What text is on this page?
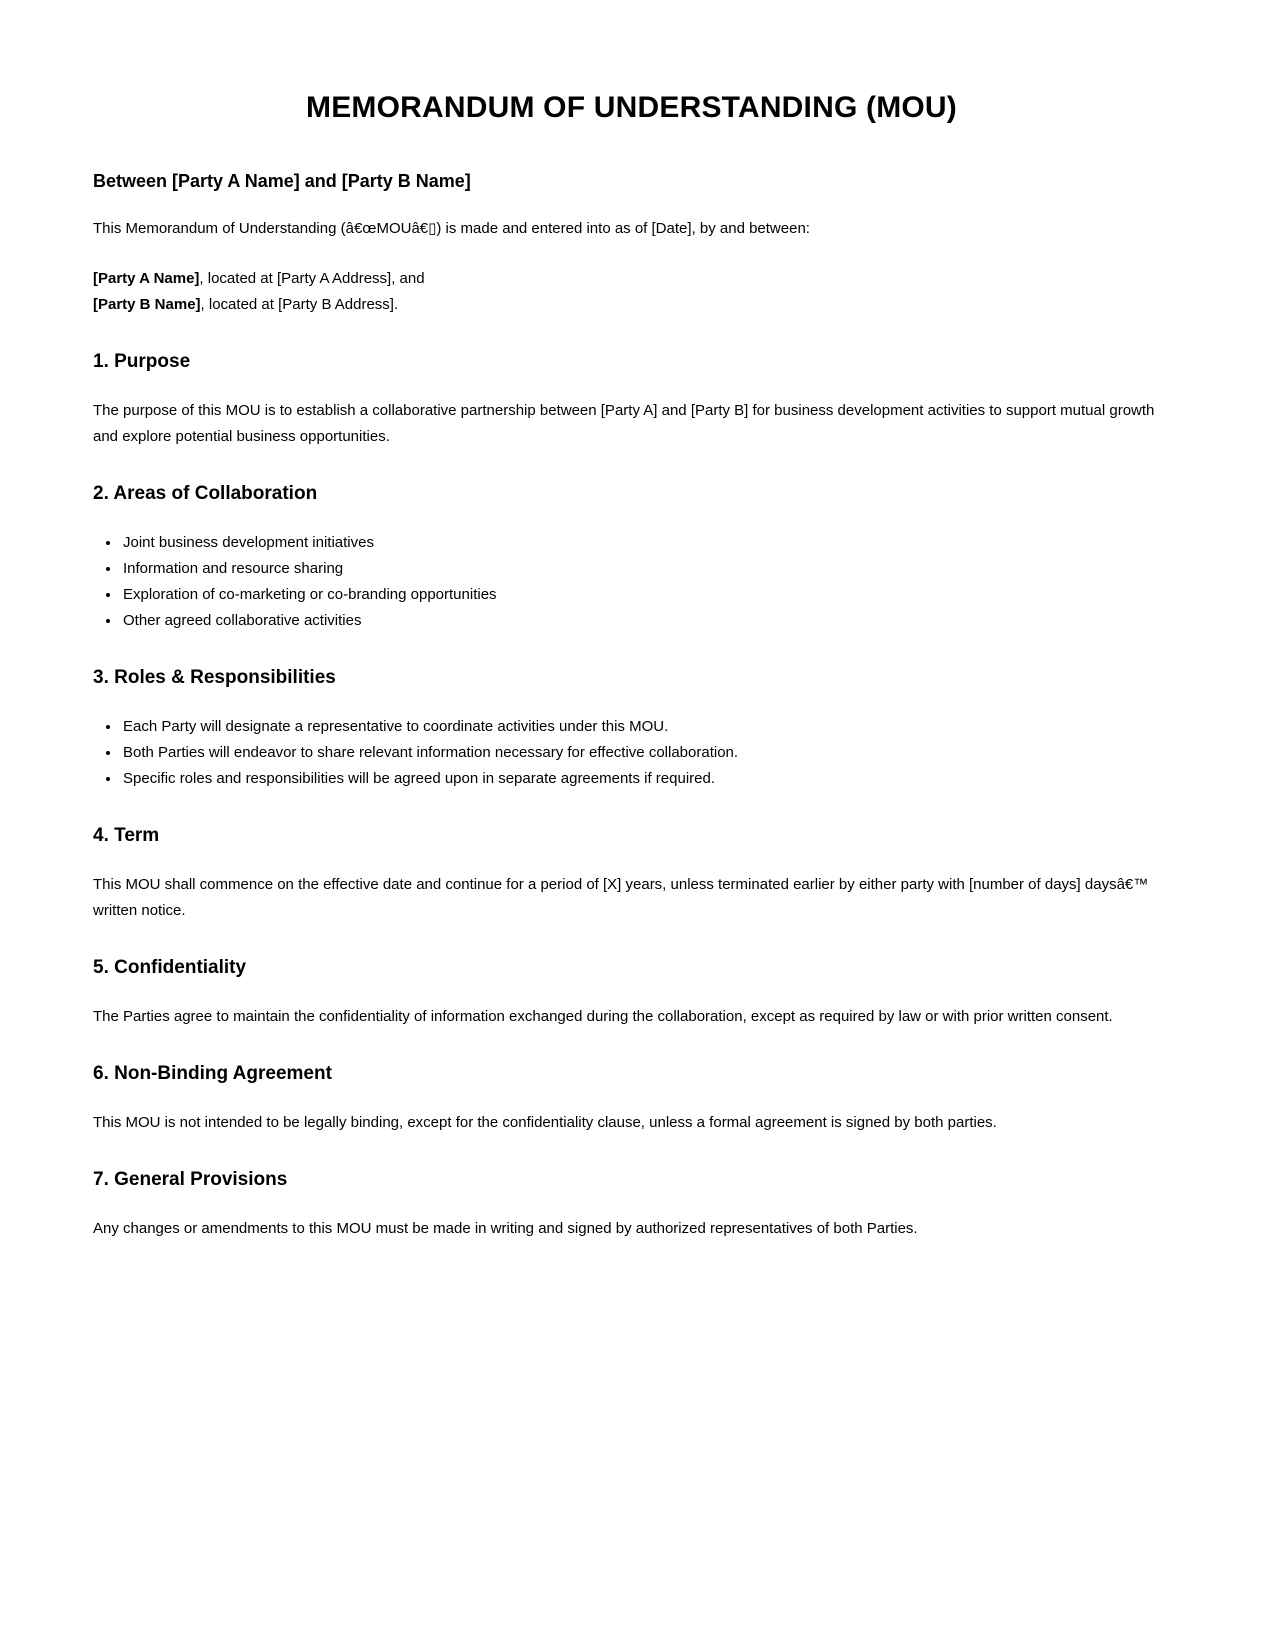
MEMORANDUM OF UNDERSTANDING (MOU)
Between [Party A Name] and [Party B Name]

This Memorandum of Understanding (â€œMOUâ€▯) is made and entered into as of [Date], by and between:

[Party A Name], located at [Party A Address], and
[Party B Name], located at [Party B Address].

1. Purpose

The purpose of this MOU is to establish a collaborative partnership between [Party A] and [Party B] for business development activities to support mutual growth and explore potential business opportunities.

2. Areas of Collaboration
• Joint business development initiatives
• Information and resource sharing
• Exploration of co-marketing or co-branding opportunities
• Other agreed collaborative activities
3. Roles & Responsibilities
• Each Party will designate a representative to coordinate activities under this MOU.
• Both Parties will endeavor to share relevant information necessary for effective collaboration.
• Specific roles and responsibilities will be agreed upon in separate agreements if required.
4. Term

This MOU shall commence on the effective date and continue for a period of [X] years, unless terminated earlier by either party with [number of days] daysâ€™ written notice.

5. Confidentiality

The Parties agree to maintain the confidentiality of information exchanged during the collaboration, except as required by law or with prior written consent.

6. Non-Binding Agreement

This MOU is not intended to be legally binding, except for the confidentiality clause, unless a formal agreement is signed by both parties.

7. General Provisions

Any changes or amendments to this MOU must be made in writing and signed by authorized representatives of both Parties.
